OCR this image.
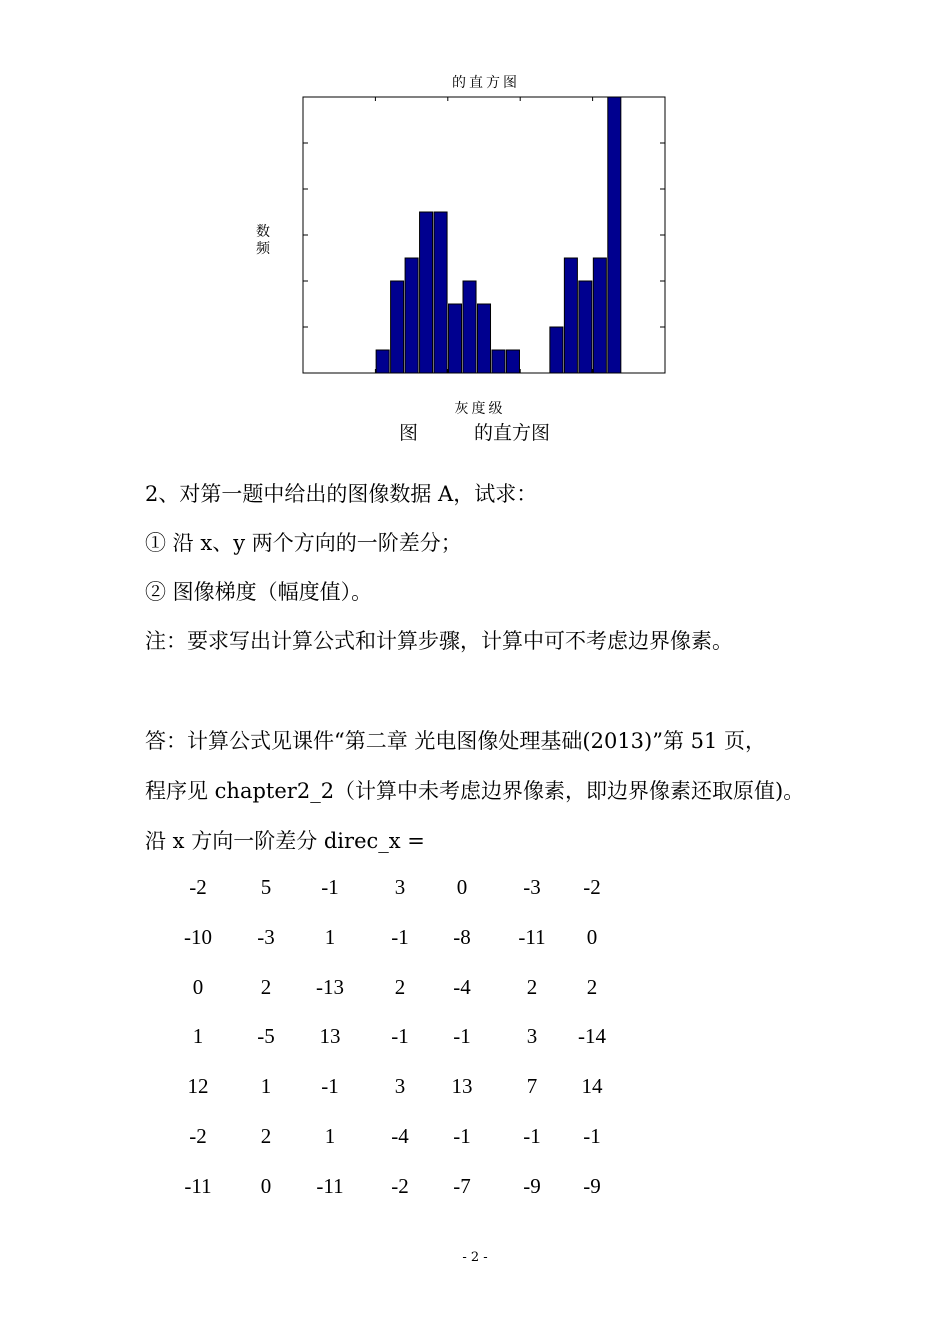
的直方图
灰度级
数频
图	的直方图
2、对第一题中给出的图像数据 A，试求：
① 沿 x、y 两个方向的一阶差分；
② 图像梯度（幅度值）。
注：要求写出计算公式和计算步骤，计算中可不考虑边界像素。
答：计算公式见课件“第二章 光电图像处理基础(2013)”第 51 页，
程序见 chapter2_2（计算中未考虑边界像素，即边界像素还取原值)。
沿 x 方向一阶差分 direc_x =
-2	5	-1	3	0	-3	-2
-10	-3	1	-1	-8	-11	0
0	2	-13	2	-4	2	2
1	-5	13	-1	-1	3	-14
12	1	-1	3	13	7	14
-2	2	1	-4	-1	-1	-1
-11	0	-11	-2	-7	-9	-9
- 2 -
